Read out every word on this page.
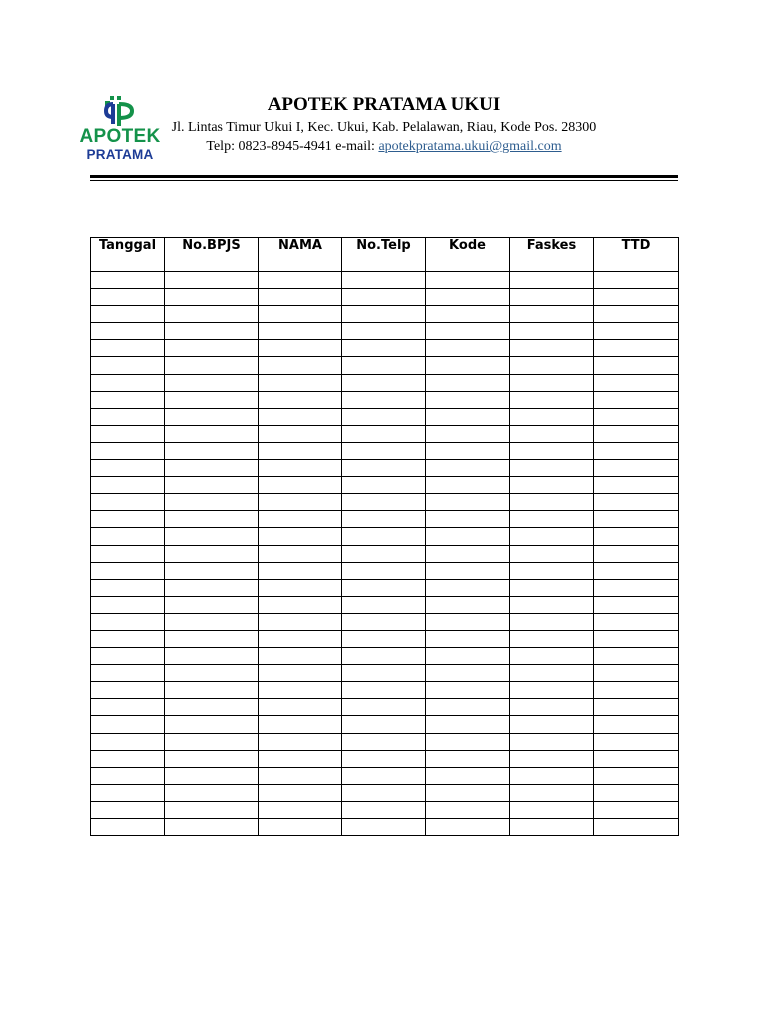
APOTEK
PRATAMA
APOTEK PRATAMA UKUI
Jl. Lintas Timur Ukui I, Kec. Ukui, Kab. Pelalawan, Riau, Kode Pos. 28300
Telp: 0823-8945-4941 e-mail: apotekpratama.ukui@gmail.com
Tanggal	No.BPJS	NAMA	No.Telp	Kode	Faskes	TTD
